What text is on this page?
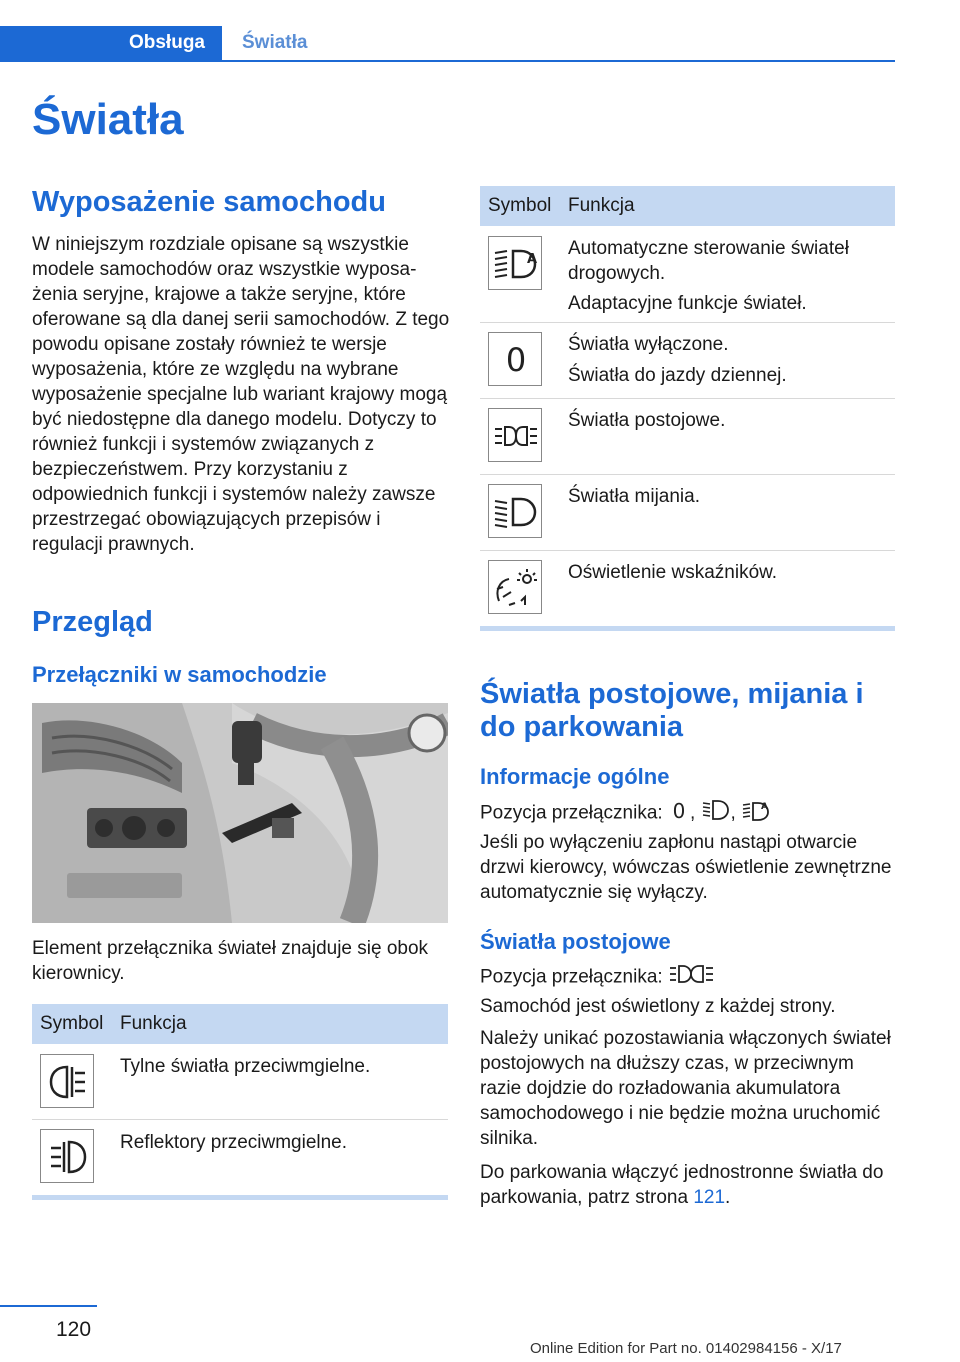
Obsługa Światła
Światła
Wyposażenie samochodu
W niniejszym rozdziale opisane są wszystkie modele samochodów oraz wszystkie wyposażenia seryjne, krajowe a także seryjne, które oferowane są dla danej serii samochodów. Z tego powodu opisane zostały również te wersje wyposażenia, które ze względu na wybrane wyposażenie specjalne lub wariant krajowy mogą być niedostępne dla danego modelu. Dotyczy to również funkcji i systemów związanych z bezpieczeństwem. Przy korzystaniu z odpowiednich funkcji i systemów należy zawsze przestrzegać obowiązujących przepisów i regulacji prawnych.
Przegląd
Przełączniki w samochodzie
Element przełącznika świateł znajduje się obok kierownicy.
Symbol Funkcja
Tylne światła przeciwmgielne.
Reflektory przeciwmgielne.
Symbol Funkcja
A
Automatyczne sterowanie świateł drogowych.
Adaptacyjne funkcje świateł.
0 Światła wyłączone.
Światła do jazdy dziennej.
Światła postojowe.
Światła mijania.
Oświetlenie wskaźników.
Światła postojowe, mijania i do parkowania
Informacje ogólne
Pozycja przełącznika: 0 , ,	A
Jeśli po wyłączeniu zapłonu nastąpi otwarcie drzwi kierowcy, wówczas oświetlenie zewnętrzne automatycznie się wyłączy.
Światła postojowe
Pozycja przełącznika:
Samochód jest oświetlony z każdej strony.
Należy unikać pozostawiania włączonych świateł postojowych na dłuższy czas, w przeciwnym razie dojdzie do rozładowania akumulatora samochodowego i nie będzie można uruchomić silnika.
Do parkowania włączyć jednostronne światła do parkowania, patrz strona 121.
120
Online Edition for Part no. 01402984156 - X/17
